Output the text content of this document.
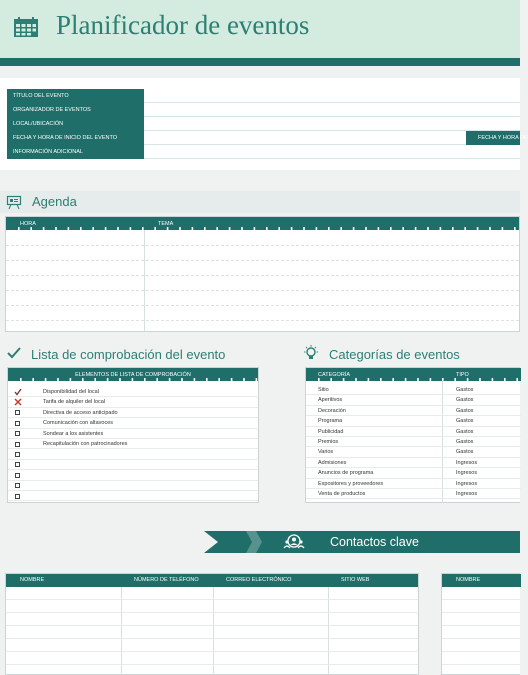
Planificador de eventos
TÍTULO DEL EVENTO
ORGANIZADOR DE EVENTOS
LOCAL/UBICACIÓN
FECHA Y HORA DE INICIO DEL EVENTO
INFORMACIÓN ADICIONAL
FECHA Y HORA DE
Agenda
HORA	TEMA
Lista de comprobación del evento
ELEMENTOS DE LISTA DE COMPROBACIÓN
Disponibilidad del local
Tarifa de alquiler del local
Directiva de acceso anticipado
Comunicación con altavoces
Sondear a los asistentes
Recapitulación con patrocinadores
Categorías de eventos
CATEGORÍA	TIPO
Sitio	Gastos
Aperitivos	Gastos
Decoración	Gastos
Programa	Gastos
Publicidad	Gastos
Premios	Gastos
Varios	Gastos
Admisiones	Ingresos
Anuncios de programa	Ingresos
Expositores y proveedores	Ingresos
Venta de productos	Ingresos
Contactos clave
NOMBRE	NÚMERO DE TELÉFONO	CORREO ELECTRÓNICO	SITIO WEB	NOMBRE
